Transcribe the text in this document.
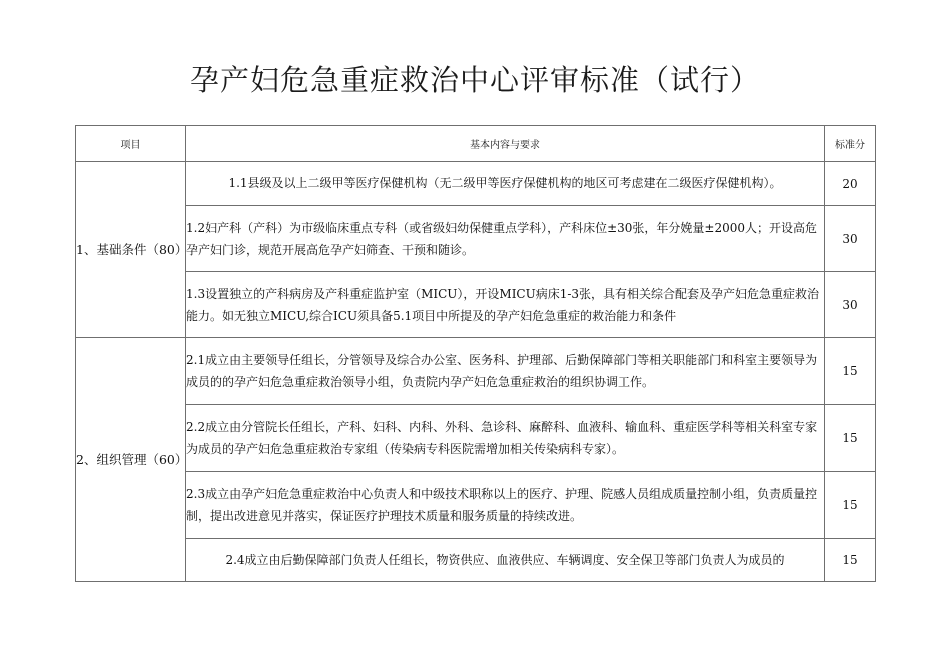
孕产妇危急重症救治中心评审标准（试行）
项目	基本内容与要求	标准分
1、基础条件（80）	1.1县级及以上二级甲等医疗保健机构（无二级甲等医疗保健机构的地区可考虑建在二级医疗保健机构）。	20

	1.2妇产科（产科）为市级临床重点专科（或省级妇幼保健重点学科），产科床位±30张，年分娩量±2000人；开设高危孕产妇门诊，规范开展高危孕产妇筛查、干预和随诊。	30

	1.3设置独立的产科病房及产科重症监护室（MICU），开设MICU病床1-3张，具有相关综合配套及孕产妇危急重症救治能力。如无独立MICU,综合ICU须具备5.1项目中所提及的孕产妇危急重症的救治能力和条件	30
2、组织管理（60）	2.1成立由主要领导任组长，分管领导及综合办公室、医务科、护理部、后勤保障部门等相关职能部门和科室主要领导为成员的的孕产妇危急重症救治领导小组，负责院内孕产妇危急重症救治的组织协调工作。	15

	2.2成立由分管院长任组长，产科、妇科、内科、外科、急诊科、麻醉科、血液科、输血科、重症医学科等相关科室专家为成员的孕产妇危急重症救治专家组（传染病专科医院需增加相关传染病科专家）。	15

	2.3成立由孕产妇危急重症救治中心负责人和中级技术职称以上的医疗、护理、院感人员组成质量控制小组，负责质量控制，提出改进意见并落实，保证医疗护理技术质量和服务质量的持续改进。	15
	2.4成立由后勤保障部门负责人任组长，物资供应、血液供应、车辆调度、安全保卫等部门负责人为成员的	15
